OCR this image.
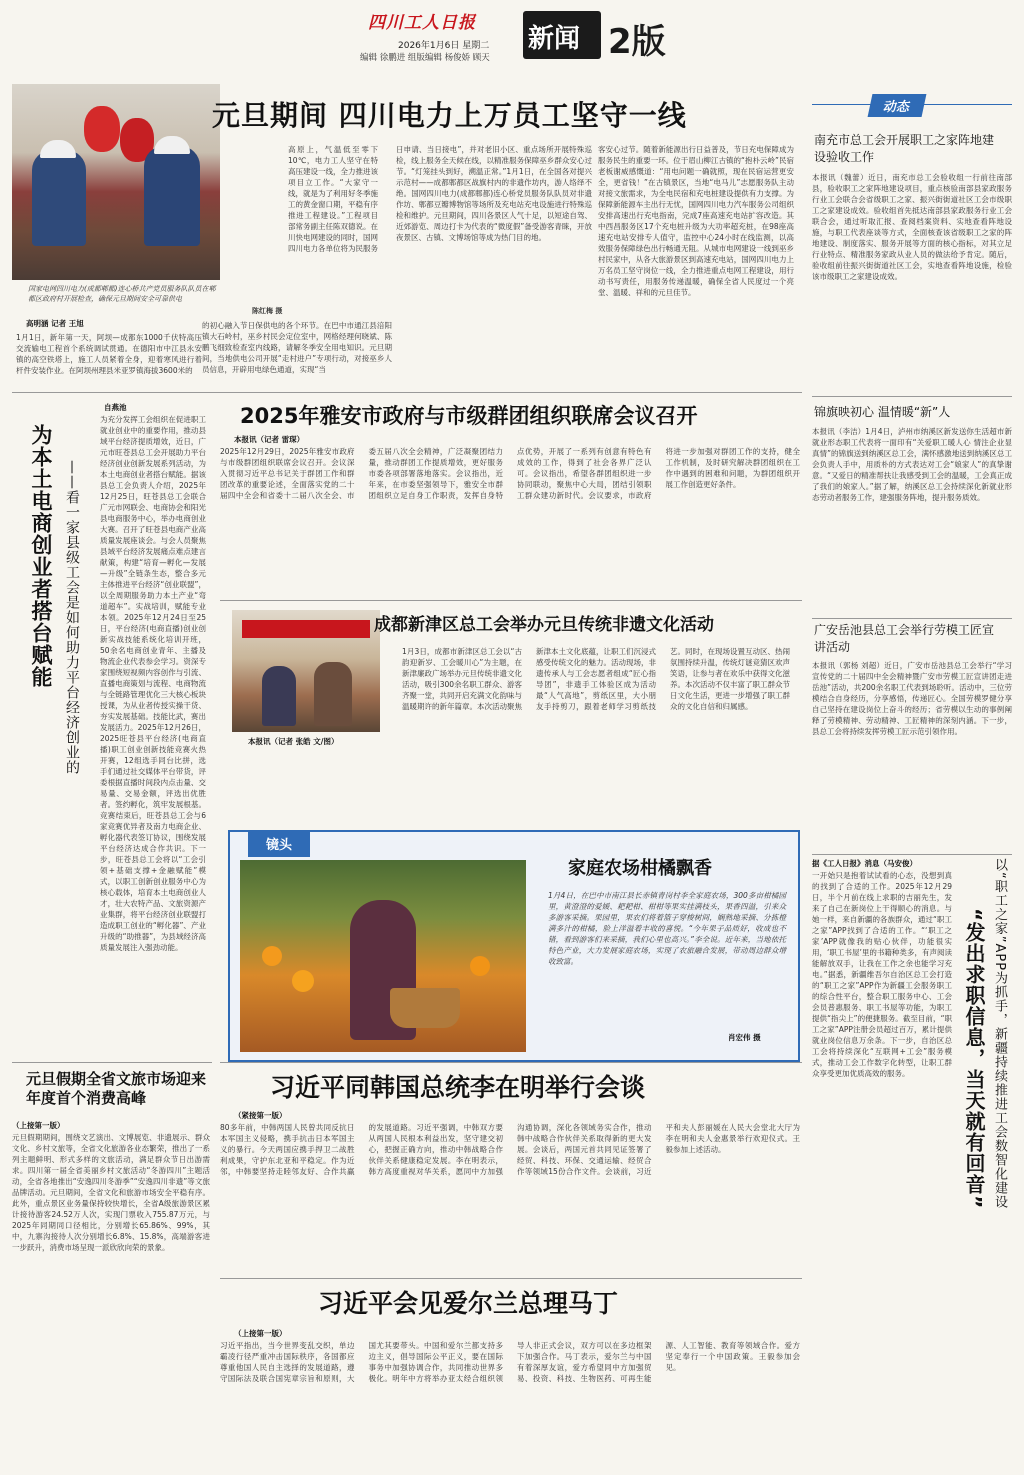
四川工人日报
2026年1月6日 星期二
编辑 徐鹏进 组版编辑 杨俊娇 顾天
新闻 2版
国家电网四川电力(成都郫都)连心桥共产党员服务队队员在郫都区政府村开展检查，确保元旦期间安全可靠供电
陈红梅 摄
元旦期间 四川电力上万员工坚守一线
高明涵 记者 王旭
1月1日，新年第一天，阿坝—成都东1000千伏特高压交流输电工程首个系统调试贯通。在德阳市中江县永安镇的高空铁塔上，施工人员紧着全身，迎着寒风进行着杆件安装作业。在阿坝州理县米亚罗镇海拔3600米的
高原上，气温低至零下10℃，电力工人坚守在特高压建设一线，全力推进该项目立工作。“大家守一线，就是为了利用好冬季施工的黄金窗口期，平稳有序推进工程建设。”工程项目部常务副主任陈双德说。在川快电网建设的同时，国网四川电力各单位将为民服务
的初心融入节日保供电的各个环节。在巴中市通江县涪阳镇大石岭村，巫乡村民会定位室中，网格经理何晓斌、陈鹏飞细致检查室内线路，请解冬季安全用电知识。元旦期间，当地供电公司开展“走村进户”专项行动，对接巫乡人员信息，开辟用电绿色通道，实现“当
日申请、当日接电”，并对老旧小区、重点场所开展特殊巡检，线上服务全天候在线，以精准服务保障巫乡群众安心过节。“灯笼挂头到好，溯温正常。”1月1日，在全国各对提兴示范村——成都郫都区战旗村内的非遗作坊内，游人络绎不绝。国网四川电力(成都郫都)连心桥党员服务队队员对非遗作坊、郫都豆瓣博物馆等场所及充电站充电设施进行特殊巡检和维护。元旦期间，四川各景区人气十足，以短途自驾、近郊游览、周边打卡为代表的“微度假”备受游客青睐，开放夜景区、古镇、文博场馆等成为热门目的地。
客安心过节。随着新能源出行日益普及，节日充电保障成为服务民生的重要一环。位于眉山柳江古镇的“抱朴云岭”民宿老板谢威感慨道：“用电问题一确就照，现在民宿运营更安全，更省钱！”在古镇景区，当地“电马儿”志愿服务队主动对接文旅需求，为全电民宿和充电桩建设提供有力支撑。为保障新能源车主出行无忧，国网四川电力汽车服务公司组织安排高速出行充电指南，完成7座高速充电站扩容改造。其中西昌服务区17个充电桩升级为大功率超充桩，在98座高速充电站安排专人值守，监控中心24小时在线监测，以高效服务保障绿色出行畅通无阻。从城市电网建设一线到巫乡村民家中，从各大旅游景区到高速充电站，国网四川电力上万名员工坚守岗位一线，全力推进重点电网工程建设，用行动书写责任，用服务传递温暖，确保全省人民度过一个亮堂、温暖、祥和的元旦佳节。
动态
南充市总工会开展职工之家阵地建设验收工作
本报讯（魏蕾）近日，南充市总工会验收组一行前往南部县，验收职工之家阵地建设项目，重点核验南部县家政服务行业工会联合会省级职工之家、振兴街街道社区工会市级职工之家建设成效。验收组首先抵达南部县家政服务行业工会联合会，通过听取汇报、查阅档案资料、实地查看阵地设施，与职工代表座谈等方式，全面核查该省级职工之家的阵地建设、制度落实、服务开展等方面的核心指标，对其立足行业特点、精准服务家政从业人员的做法给予肯定。随后，验收组前往振兴街街道社区工会，实地查看阵地设施，检验该市级职工之家建设成效。
锦旗映初心 温情暖“新”人
本报讯（李洁）1月4日，泸州市纳溪区新发送你生活超市新就业形态职工代表将一面印有“关爱职工暖人心 情注企业显真情”的锦旗送到纳溪区总工会，满怀感激地送到纳溪区总工会负责人手中，用质朴的方式表达对工会“娘家人”的真挚谢意。“又爱日的精准帮扶让我感受到工会的温暖，工会真正成了我们的娘家人。”据了解，纳溪区总工会持续深化新就业形态劳动者服务工作，建强服务阵地，提升服务质效。
广安岳池县总工会举行劳模工匠宣讲活动
本报讯（郭杨 刘超）近日，广安市岳池县总工会举行“学习宣传党的二十届四中全会精神暨广安市劳模工匠宣讲团走进岳池”活动，共200余名职工代表到场聆听。活动中，三位劳模结合自身经历，分享感悟，传递匠心。全国劳模罗健分享自己坚持在建设岗位上奋斗的经历；省劳模以生动的事例阐释了劳模精神、劳动精神、工匠精神的深刻内涵。下一步，县总工会将持续发挥劳模工匠示范引领作用。
为本土电商创业者搭台赋能 ——看一家县级工会是如何助力平台经济创业的
自燕池
为充分发挥工会组织在促进职工就业创业中的重要作用，推动县域平台经济提质增效，近日，广元市旺苍县总工会开展助力平台经济创业创新发展系列活动，为本土电商创业者搭台赋能。据该县总工会负责人介绍，2025年12月25日，旺苍县总工会联合广元市网联会、电商协会和阳光县电商服务中心，举办电商创业大赛。召开了旺苍县电商产业高质量发展座谈会。与会人员聚焦县域平台经济发展痛点难点建言献策，构建“培育—孵化—发展—升级”全链条生态，整合多元主体推进平台经济“创业联盟”，以全周期服务助力本土产业“弯道超车”。实战培训，赋能专业本领。2025年12月24日至25日，平台经济(电商直播)创业创新实战技能系统化培训开班，50余名电商创业青年、主播及物流企业代表参会学习。资深专家围绕短视频内容创作与引流、直播电商策划与流程、电商物流与全链路管理优化三大核心板块授课，为从业者传授实操干货、夯实发展基础。技能比武，赛出发展活力。2025年12月26日，2025旺苍县平台经济(电商直播)职工创业创新技能竞赛火热开赛，12组选手同台比拼，选手们通过社交媒体平台带货，评委根据直播时间段内点击量、交易量、交易金额，评选出优胜者。签约孵化，筑牢发展根基。竞赛结束后，旺苍县总工会与6家竞赛优异者及南力电商企业、孵化器代表签订协议，围绕发展平台经济达成合作共识。下一步，旺苍县总工会将以“工会引领+基础支撑+金融赋能”模式，以职工创新创业服务中心为核心载体，培育本土电商创业人才，壮大农特产品、文旅资源产业集群，将平台经济创业联盟打造成职工创业的“孵化器”、产业升级的“助推器”，为县域经济高质量发展注入强劲动能。
2025年雅安市政府与市级群团组织联席会议召开
本报讯（记者 雷琛）
2025年12月29日，2025年雅安市政府与市级群团组织联席会议召开。会议深入贯彻习近平总书记关于群团工作和群团改革的重要论述，全面落实党的二十届四中全会和省委十二届八次全会、市委五届八次全会精神，广泛凝聚团结力量，推动群团工作提质增效，更好服务市委各项部署落地落实。会议指出，近年来，在市委坚强领导下，雅安全市群团组织立足自身工作职责，发挥自身特点优势，开展了一系列有创意有特色有成效的工作，得到了社会各界广泛认可。会议指出，希望各群团组织进一步协同联动，聚焦中心大局，团结引领职工群众建功新时代。会议要求，市政府将进一步加强对群团工作的支持，健全工作机制，及时研究解决群团组织在工作中遇到的困难和问题，为群团组织开展工作创造更好条件。
成都新津区总工会举办元旦传统非遗文化活动
本报讯（记者 张皓 文/图）
1月3日，成都市新津区总工会以“古韵迎新岁、工会暖川心”为主题，在新津廉政广场举办元旦传统非遗文化活动，吸引300余名职工群众、游客齐聚一堂，共同开启充满文化韵味与温暖期许的新年篇章。本次活动聚焦新津本土文化底蕴，让职工们沉浸式感受传统文化的魅力。活动现场，非遗传承人与工会志愿者组成“匠心指导团”，非遗手工体验区成为活动最“人气高地”，剪纸区里，大小朋友手持剪刀，跟着老师学习剪纸技艺。同时，在现场设置互动区、热闹氛围持续升温，传统灯谜竞猜区欢声笑语，让参与者在欢乐中获得文化滋养。本次活动不仅丰富了职工群众节日文化生活，更进一步增强了职工群众的文化自信和归属感。
镜头
家庭农场柑橘飘香
1月4日，在巴中市南江县长赤镇青岗村李全家庭农场，300多亩柑橘园里，黄澄澄的爱媛、耙耙柑、柑柑等果实挂满枝头，果香四溢，引来众多游客采摘。果园里，果农们将着篮子穿梭树间，娴熟地采摘、分拣橙满多汁的柑橘，脸上洋溢着丰收的喜悦。“今年果子品质好，收成也不错，看到游客们来采摘，我们心里也高兴。”李全说。近年来，当地依托特色产业，大力发展家庭农场，实现了农旅融合发展，带动周边群众增收致富。
肖宏伟 摄
元旦假期全省文旅市场迎来年度首个消费高峰
（上接第一版）
元旦假期期间，围绕文艺演出、文博展览、非遗展示、群众文化、乡村文旅等，全省文化旅游各业态繁荣，推出了一系列主题鲜明、形式多样的文旅活动，满足群众节日出游需求。四川第一届全省美丽乡村文旅活动“冬游四川”主题活动，全省各地推出“安逸四川冬游季”“安逸四川非遗”等文旅品牌活动。元旦期间，全省文化和旅游市场安全平稳有序。此外，重点景区业务量保持较快增长，全省A级旅游景区累计接待游客24.52万人次，实现门票收入755.87万元，与2025年同期同口径相比，分别增长65.86%、99%，其中，九寨沟接待人次分别增长6.8%、15.8%，高端游客进一步跃升，消费市场呈现一派欣欣向荣的景象。
习近平同韩国总统李在明举行会谈
（紧接第一版）
80多年前，中韩两国人民曾共同反抗日本军国主义侵略，携手抗击日本军国主义的暴行。今天两国应携手捍卫二战胜利成果，守护东北亚和平稳定。作为近邻，中韩要坚持走睦邻友好、合作共赢的发展道路。习近平强调，中韩双方要从两国人民根本利益出发，坚守建交初心，把握正确方向，推动中韩战略合作伙伴关系健康稳定发展。李在明表示，韩方高度重视对华关系，愿同中方加强沟通协调，深化各领域务实合作，推动韩中战略合作伙伴关系取得新的更大发展。会谈后，两国元首共同见证签署了经贸、科技、环保、交通运输、经贸合作等领域15份合作文件。会谈前，习近平和夫人彭丽媛在人民大会堂北大厅为李在明和夫人金惠景举行欢迎仪式。王毅参加上述活动。
习近平会见爱尔兰总理马丁
（上接第一版）
习近平指出，当今世界变乱交织，单边霸凌行径严重冲击国际秩序，各国都应尊重他国人民自主选择的发展道路，遵守国际法及联合国宪章宗旨和原则，大国尤其要带头。中国和爱尔兰都支持多边主义，倡导国际公平正义，要在国际事务中加强协调合作，共同推动世界多极化。明年中方将举办亚太经合组织领导人非正式会议，双方可以在多边框架下加强合作。马丁表示，爱尔兰与中国有着深厚友谊，爱方希望同中方加强贸易、投资、科技、生物医药、可再生能源、人工智能、教育等领域合作。爱方坚定奉行一个中国政策。王毅参加会见。
以“职工之家”APP为抓手，新疆持续推进工会数智化建设
“发出求职信息，当天就有回音”
据《工人日报》消息（马安俊）
一开始只是抱着试试看的心态，没想到真的找到了合适的工作。2025年12月29日，半个月前在线上求职的吉丽先生，发来了自己在新岗位上干得顺心的消息。与她一样，来自新疆的各族群众，通过“职工之家”APP找到了合适的工作。“‘职工之家’APP就像我的贴心伙伴，功能很实用，‘职工书屋’里的书籍种类多，有声阅读能解放双手，让我在工作之余也能学习充电。”据悉，新疆维吾尔自治区总工会打造的“职工之家”APP作为新疆工会服务职工的综合性平台，整合职工服务中心、工会会员普惠服务、职工书屋等功能，为职工提供“指尖上”的便捷服务。截至目前，“职工之家”APP注册会员超过百万，累计提供就业岗位信息万余条。下一步，自治区总工会将持续深化“互联网+工会”服务模式，推动工会工作数字化转型，让职工群众享受更加优质高效的服务。
